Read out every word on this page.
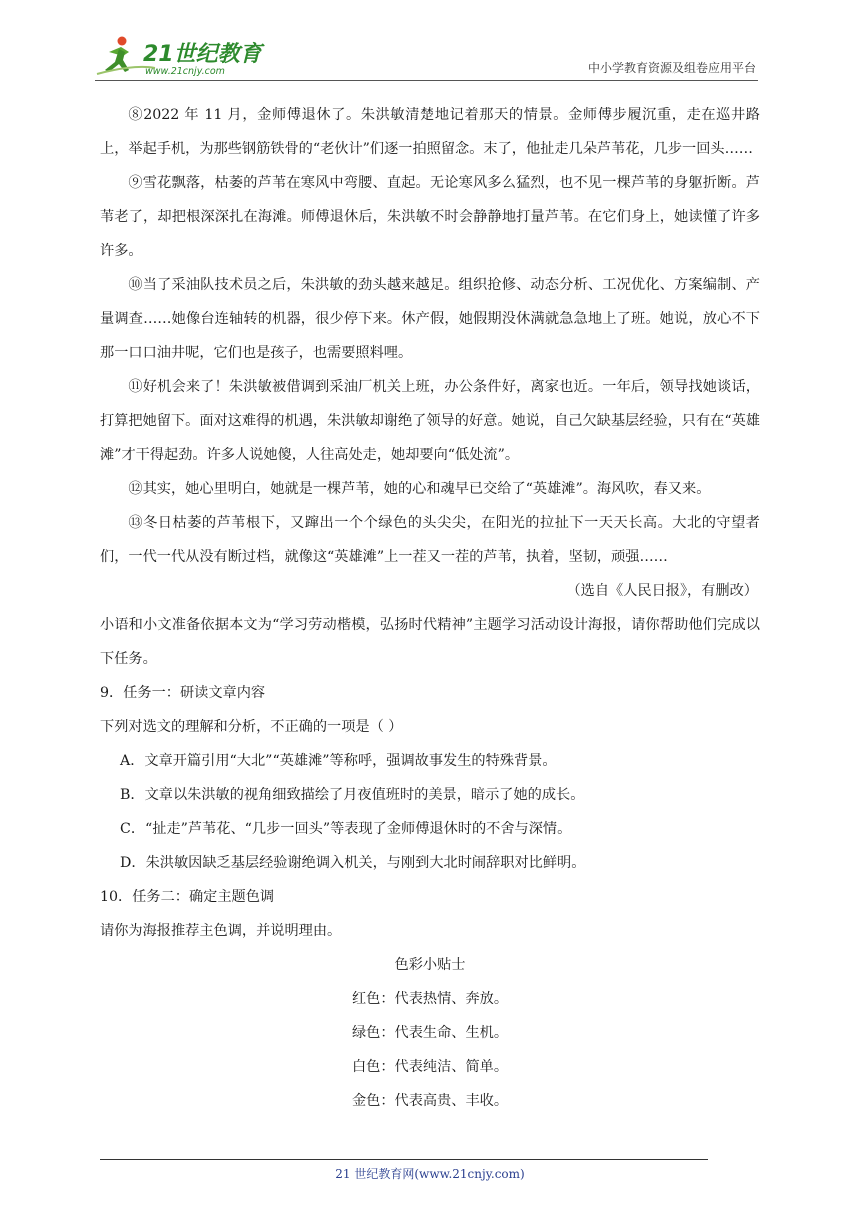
21世纪教育
www.21cnjy.com	中小学教育资源及组卷应用平台

⑧2022 年 11 月，金师傅退休了。朱洪敏清楚地记着那天的情景。金师傅步履沉重，走在巡井路上，举起手机，为那些钢筋铁骨的“老伙计”们逐一拍照留念。末了，他扯走几朵芦苇花，几步一回头……

⑨雪花飘落，枯萎的芦苇在寒风中弯腰、直起。无论寒风多么猛烈，也不见一棵芦苇的身躯折断。芦苇老了，却把根深深扎在海滩。师傅退休后，朱洪敏不时会静静地打量芦苇。在它们身上，她读懂了许多许多。

⑩当了采油队技术员之后，朱洪敏的劲头越来越足。组织抢修、动态分析、工况优化、方案编制、产量调查……她像台连轴转的机器，很少停下来。休产假，她假期没休满就急急地上了班。她说，放心不下那一口口油井呢，它们也是孩子，也需要照料哩。

⑪好机会来了！朱洪敏被借调到采油厂机关上班，办公条件好，离家也近。一年后，领导找她谈话，打算把她留下。面对这难得的机遇，朱洪敏却谢绝了领导的好意。她说，自己欠缺基层经验，只有在“英雄滩”才干得起劲。许多人说她傻，人往高处走，她却要向“低处流”。

⑫其实，她心里明白，她就是一棵芦苇，她的心和魂早已交给了“英雄滩”。海风吹，春又来。

⑬冬日枯萎的芦苇根下，又蹿出一个个绿色的头尖尖，在阳光的拉扯下一天天长高。大北的守望者们，一代一代从没有断过档，就像这“英雄滩”上一茬又一茬的芦苇，执着，坚韧，顽强……

（选自《人民日报》，有删改）

小语和小文准备依据本文为“学习劳动楷模，弘扬时代精神”主题学习活动设计海报，请你帮助他们完成以下任务。

9．任务一：研读文章内容

下列对选文的理解和分析，不正确的一项是（ ）

A．文章开篇引用“大北”“英雄滩”等称呼，强调故事发生的特殊背景。

B．文章以朱洪敏的视角细致描绘了月夜值班时的美景，暗示了她的成长。

C．“扯走”芦苇花、“几步一回头”等表现了金师傅退休时的不舍与深情。

D．朱洪敏因缺乏基层经验谢绝调入机关，与刚到大北时闹辞职对比鲜明。

10．任务二：确定主题色调

请你为海报推荐主色调，并说明理由。

色彩小贴士

红色：代表热情、奔放。

绿色：代表生命、生机。

白色：代表纯洁、简单。

金色：代表高贵、丰收。

21 世纪教育网(www.21cnjy.com)
